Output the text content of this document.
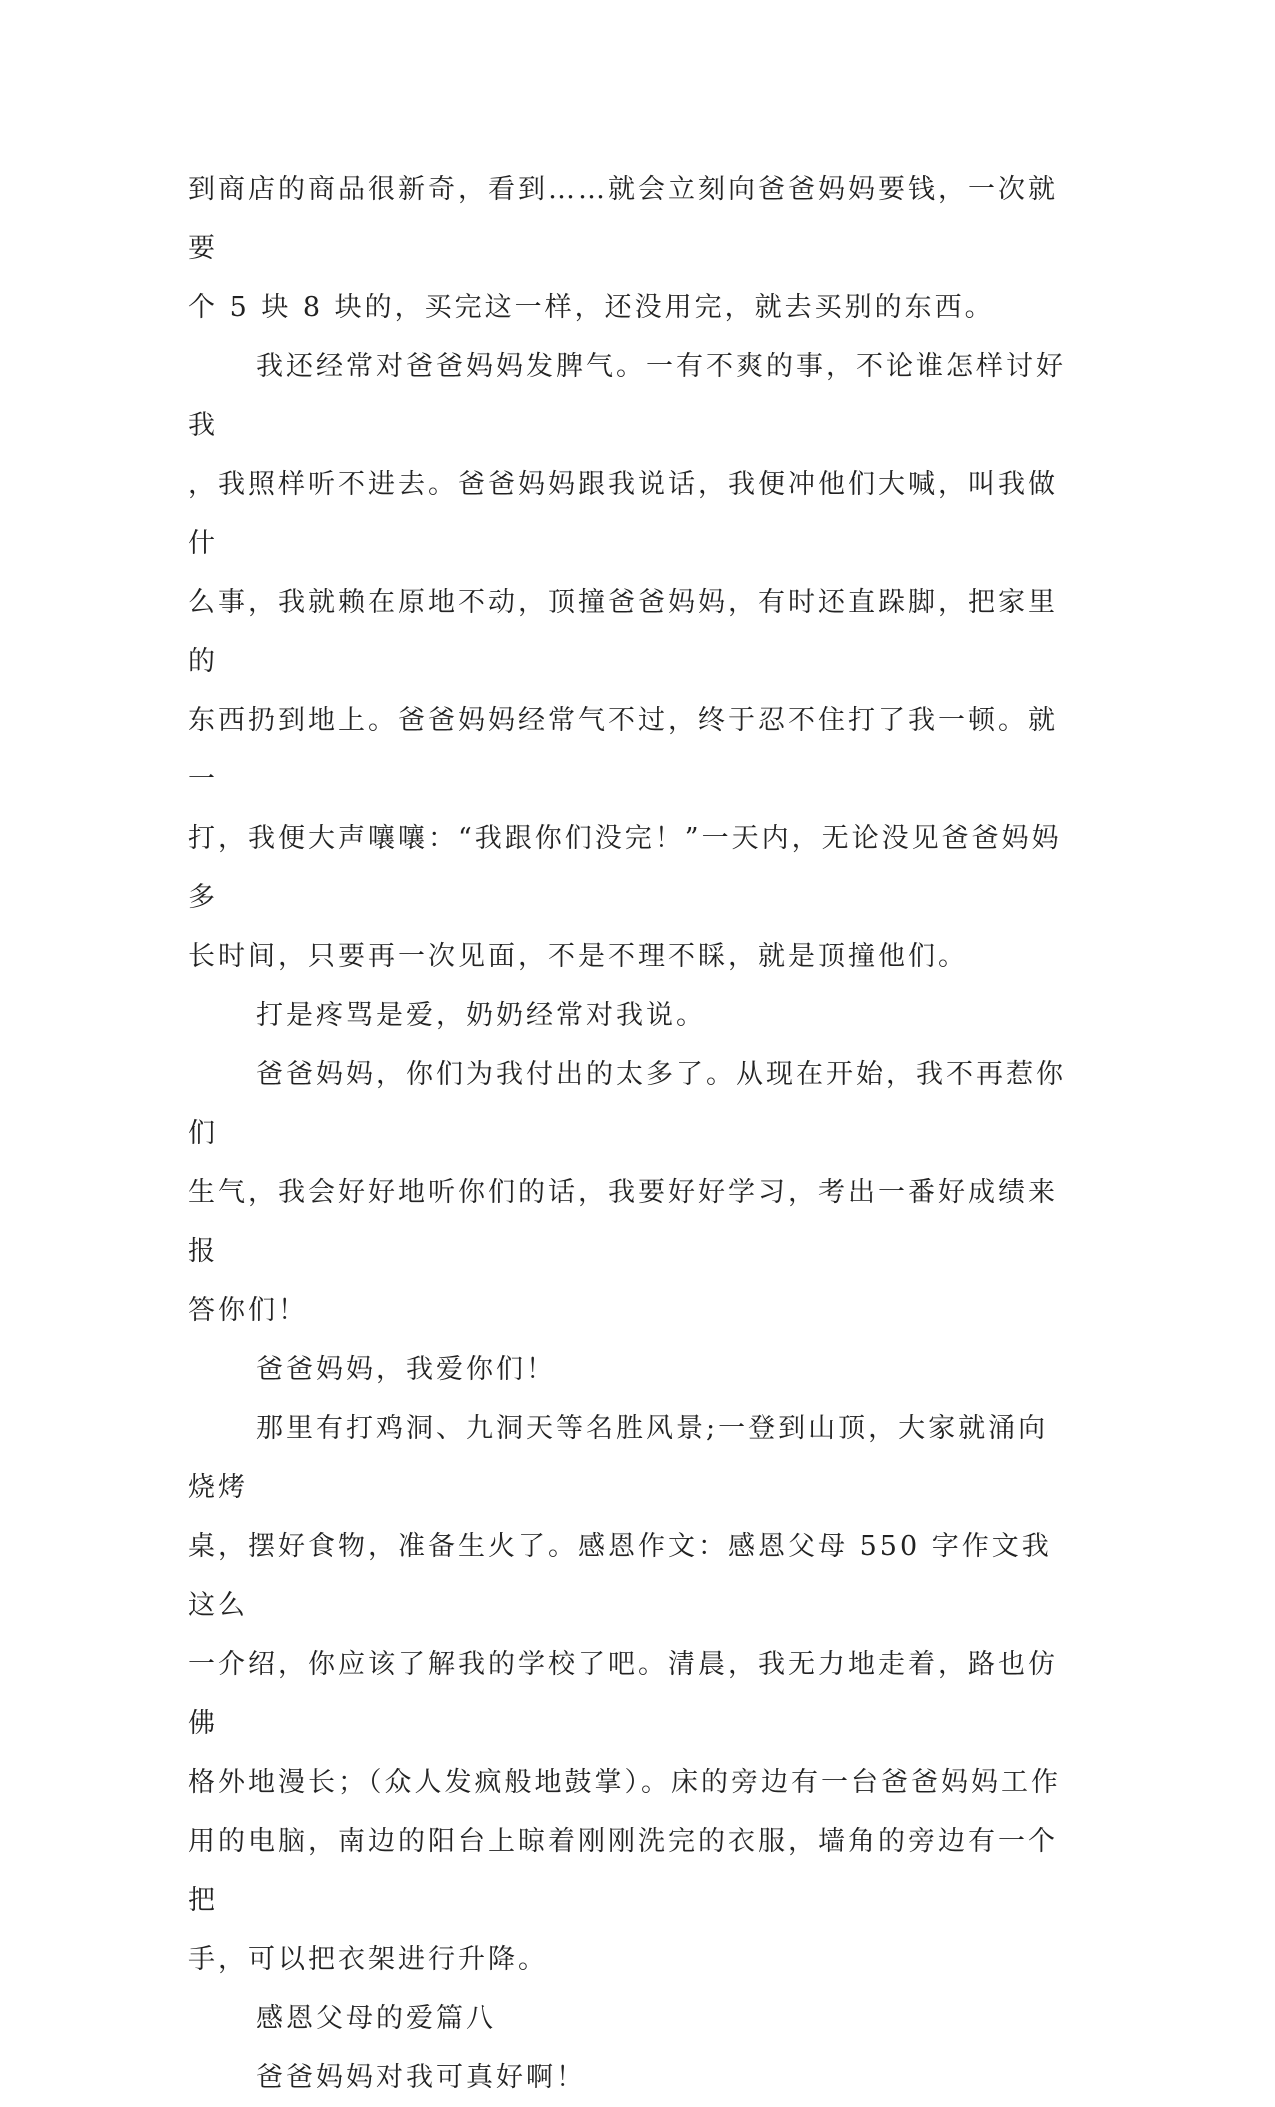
到商店的商品很新奇，看到……就会立刻向爸爸妈妈要钱，一次就要
个 5 块 8 块的，买完这一样，还没用完，就去买别的东西。

我还经常对爸爸妈妈发脾气。一有不爽的事，不论谁怎样讨好我
，我照样听不进去。爸爸妈妈跟我说话，我便冲他们大喊，叫我做什
么事，我就赖在原地不动，顶撞爸爸妈妈，有时还直跺脚，把家里的
东西扔到地上。爸爸妈妈经常气不过，终于忍不住打了我一顿。就一
打，我便大声嚷嚷：“我跟你们没完！”一天内，无论没见爸爸妈妈多
长时间，只要再一次见面，不是不理不睬，就是顶撞他们。

打是疼骂是爱，奶奶经常对我说。

爸爸妈妈，你们为我付出的太多了。从现在开始，我不再惹你们
生气，我会好好地听你们的话，我要好好学习，考出一番好成绩来报
答你们！

爸爸妈妈，我爱你们！

那里有打鸡洞、九洞天等名胜风景;一登到山顶，大家就涌向烧烤
桌，摆好食物，准备生火了。感恩作文：感恩父母 550 字作文我这么
一介绍，你应该了解我的学校了吧。清晨，我无力地走着，路也仿佛
格外地漫长；（众人发疯般地鼓掌）。床的旁边有一台爸爸妈妈工作
用的电脑，南边的阳台上晾着刚刚洗完的衣服，墙角的旁边有一个把
手，可以把衣架进行升降。

感恩父母的爱篇八

爸爸妈妈对我可真好啊！
